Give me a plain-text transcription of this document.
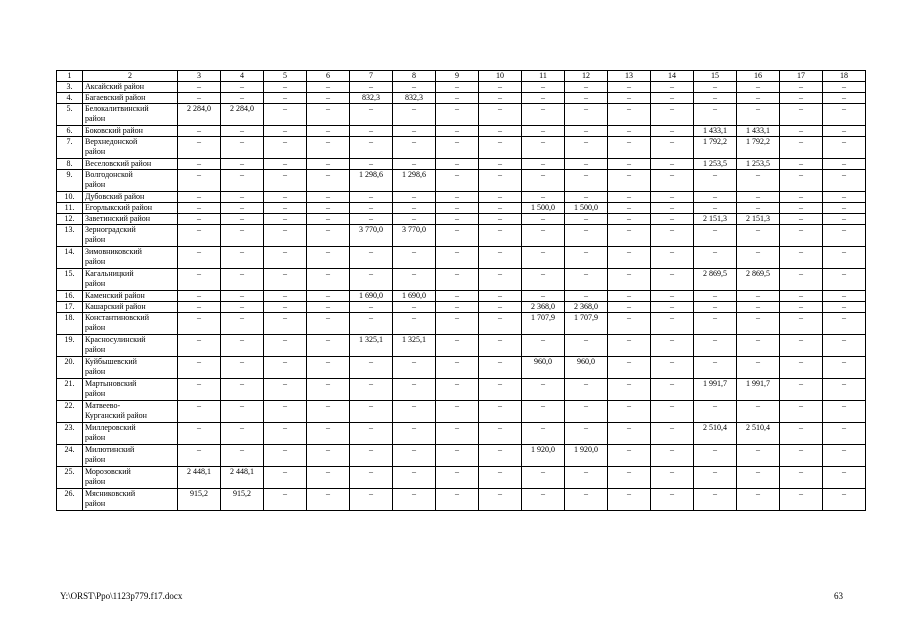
1	2	3	4	5	6	7	8	9	10	11	12	13	14	15	16	17	18
3.	Аксайский район	–	–	–	–	–	–	–	–	–	–	–	–	–	–	–	–
4.	Багаевский район	–	–	–	–	832,3	832,3	–	–	–	–	–	–	–	–	–	–
5.	Белокалитвинский
район	2 284,0	2 284,0	–	–	–	–	–	–	–	–	–	–	–	–	–	–
6.	Боковский район	–	–	–	–	–	–	–	–	–	–	–	–	1 433,1	1 433,1	–	–
7.	Верхнедонской
район	–	–	–	–	–	–	–	–	–	–	–	–	1 792,2	1 792,2	–	–
8.	Веселовский район	–	–	–	–	–	–	–	–	–	–	–	–	1 253,5	1 253,5	–	–
9.	Волгодонской
район	–	–	–	–	1 298,6	1 298,6	–	–	–	–	–	–	–	–	–	–
10.	Дубовский район	–	–	–	–	–	–	–	–	–	–	–	–	–	–	–	–
11.	Егорлыкский район	–	–	–	–	–	–	–	–	1 500,0	1 500,0	–	–	–	–	–	–
12.	Заветинский район	–	–	–	–	–	–	–	–	–	–	–	–	2 151,3	2 151,3	–	–
13.	Зерноградский
район	–	–	–	–	3 770,0	3 770,0	–	–	–	–	–	–	–	–	–	–
14.	Зимовниковский
район	–	–	–	–	–	–	–	–	–	–	–	–	–	–	–	–
15.	Кагальницкий
район	–	–	–	–	–	–	–	–	–	–	–	–	2 869,5	2 869,5	–	–
16.	Каменский район	–	–	–	–	1 690,0	1 690,0	–	–	–	–	–	–	–	–	–	–
17.	Кашарский район	–	–	–	–	–	–	–	–	2 368,0	2 368,0	–	–	–	–	–	–
18.	Константиновский
район	–	–	–	–	–	–	–	–	1 707,9	1 707,9	–	–	–	–	–	–
19.	Красносулинский
район	–	–	–	–	1 325,1	1 325,1	–	–	–	–	–	–	–	–	–	–
20.	Куйбышевский
район	–	–	–	–	–	–	–	–	960,0	960,0	–	–	–	–	–	–
21.	Мартыновский
район	–	–	–	–	–	–	–	–	–	–	–	–	1 991,7	1 991,7	–	–
22.	Матвеево-
Курганский район	–	–	–	–	–	–	–	–	–	–	–	–	–	–	–	–
23.	Миллеровский
район	–	–	–	–	–	–	–	–	–	–	–	–	2 510,4	2 510,4	–	–
24.	Милютинский
район	–	–	–	–	–	–	–	–	1 920,0	1 920,0	–	–	–	–	–	–
25.	Морозовский
район	2 448,1	2 448,1	–	–	–	–	–	–	–	–	–	–	–	–	–	–
26.	Мясниковский
район	915,2	915,2	–	–	–	–	–	–	–	–	–	–	–	–	–	–
Y:\ORST\Ppo\1123p779.f17.docx	63
